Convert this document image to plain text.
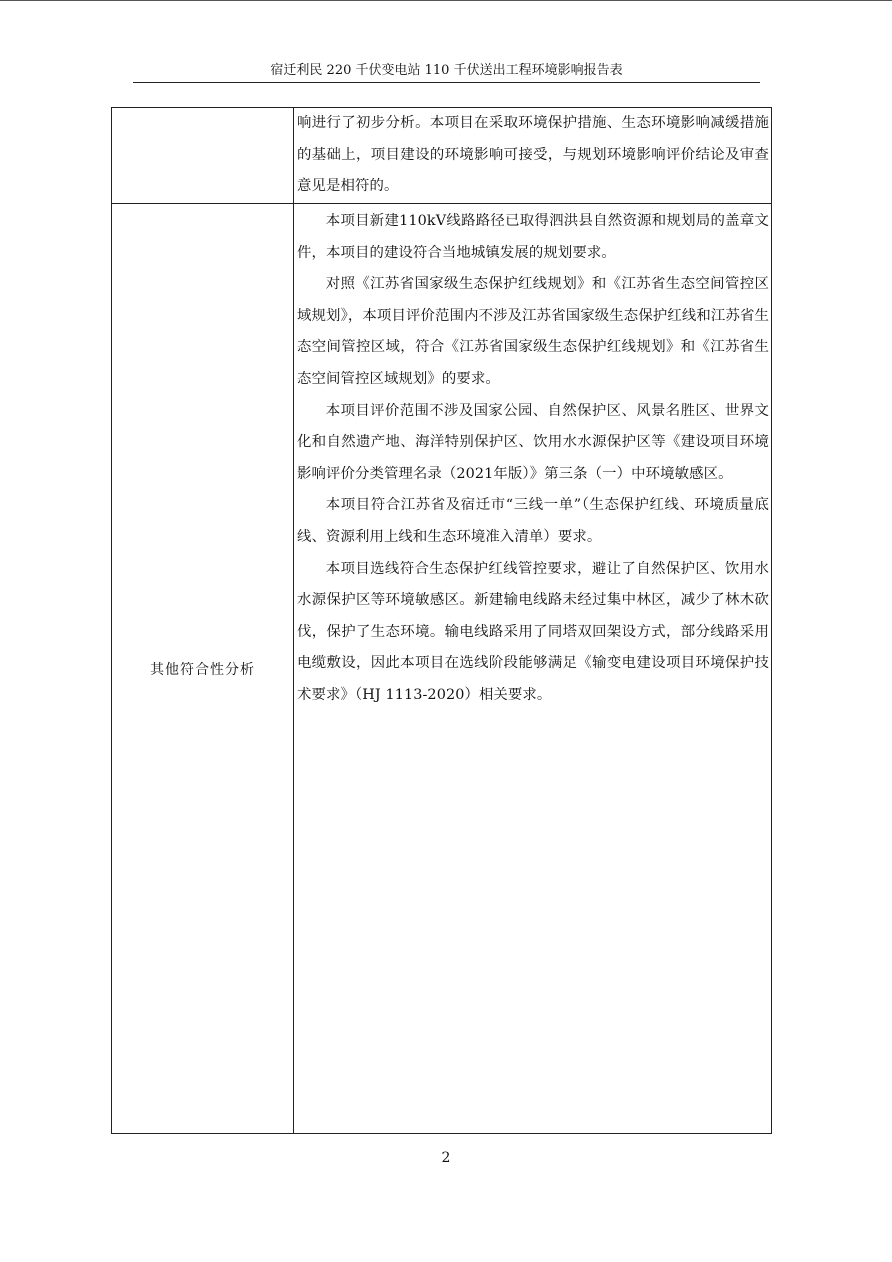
宿迁利民 220 千伏变电站 110 千伏送出工程环境影响报告表

	响进行了初步分析。本项目在采取环境保护措施、生态环境影响减缓措施的基础上，项目建设的环境影响可接受，与规划环境影响评价结论及审查意见是相符的。

其他符合性分析	本项目新建110kV线路路径已取得泗洪县自然资源和规划局的盖章文件，本项目的建设符合当地城镇发展的规划要求。

对照《江苏省国家级生态保护红线规划》和《江苏省生态空间管控区域规划》，本项目评价范围内不涉及江苏省国家级生态保护红线和江苏省生态空间管控区域，符合《江苏省国家级生态保护红线规划》和《江苏省生态空间管控区域规划》的要求。

本项目评价范围不涉及国家公园、自然保护区、风景名胜区、世界文化和自然遗产地、海洋特别保护区、饮用水水源保护区等《建设项目环境影响评价分类管理名录（2021年版）》第三条（一）中环境敏感区。

本项目符合江苏省及宿迁市“三线一单”（生态保护红线、环境质量底线、资源利用上线和生态环境准入清单）要求。

本项目选线符合生态保护红线管控要求，避让了自然保护区、饮用水水源保护区等环境敏感区。新建输电线路未经过集中林区，减少了林木砍伐，保护了生态环境。输电线路采用了同塔双回架设方式，部分线路采用电缆敷设，因此本项目在选线阶段能够满足《输变电建设项目环境保护技术要求》（HJ 1113-2020）相关要求。

2
